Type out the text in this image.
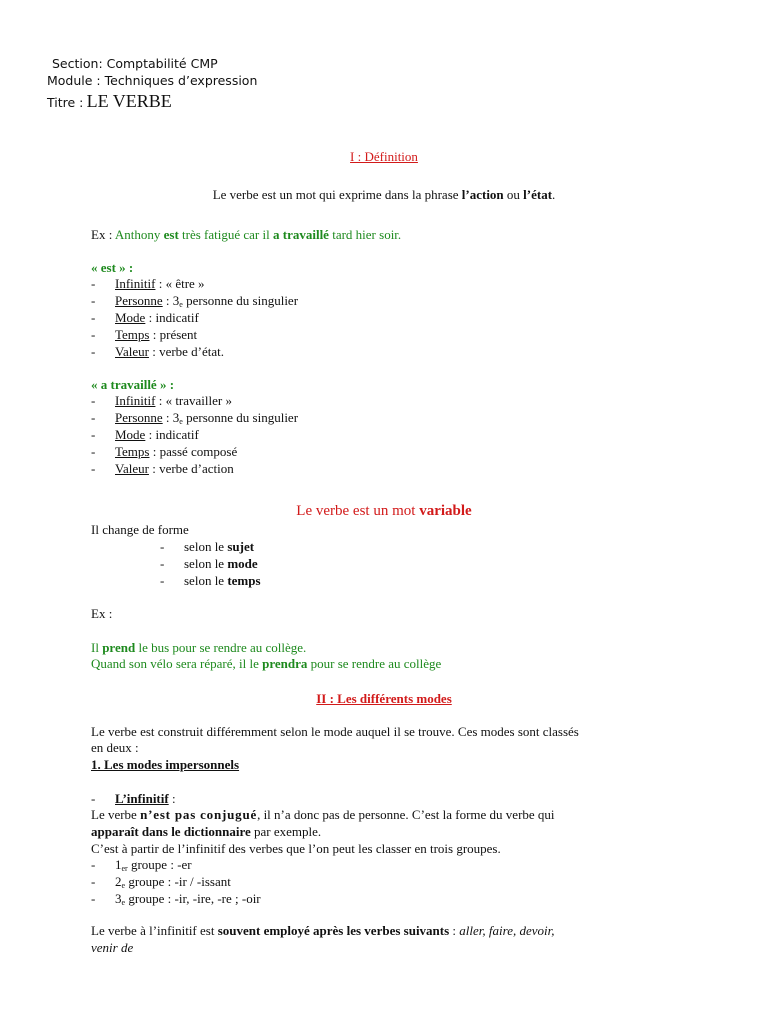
Section: Comptabilité CMP
Module : Techniques d’expression
Titre : LE VERBE
I : Définition
Le verbe est un mot qui exprime dans la phrase l’action ou l’état.
Ex : Anthony est très fatigué car il a travaillé tard hier soir.
« est » :
- Infinitif : « être »
- Personne : $3_e$ personne du singulier
- Mode : indicatif
- Temps : présent
- Valeur : verbe d’état.
« a travaillé » :
- Infinitif : « travailler »
- Personne : $3_e$ personne du singulier
- Mode : indicatif
- Temps : passé composé
- Valeur : verbe d’action
Le verbe est un mot variable
Il change de forme
- selon le sujet
- selon le mode
- selon le temps
Ex :
Il prend le bus pour se rendre au collège.
Quand son vélo sera réparé, il le prendra pour se rendre au collège
II : Les différents modes
Le verbe est construit différemment selon le mode auquel il se trouve. Ces modes sont classés
en deux :
1. Les modes impersonnels
- L’infinitif :
Le verbe n’est pas conjugué, il n’a donc pas de personne. C’est la forme du verbe qui
apparaît dans le dictionnaire par exemple.
C’est à partir de l’infinitif des verbes que l’on peut les classer en trois groupes.
- $1_{er}$ groupe : -er
- $2_e$ groupe : -ir / -issant
- $3_e$ groupe : -ir, -ire, -re ; -oir
Le verbe à l’infinitif est souvent employé après les verbes suivants : aller, faire, devoir,
venir de
